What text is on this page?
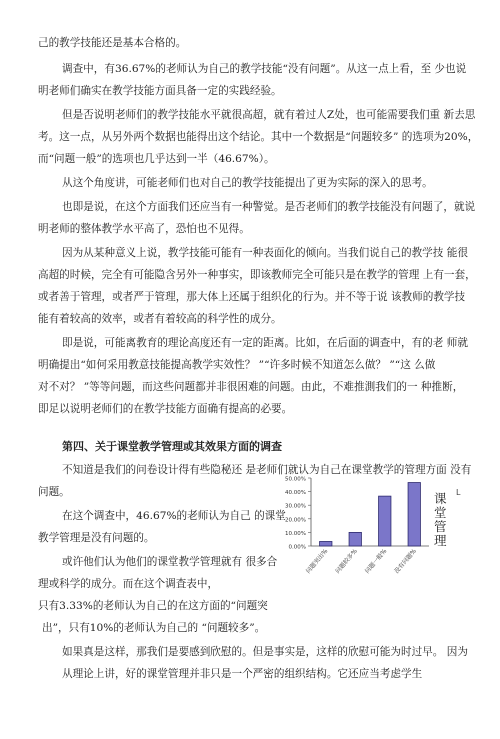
己的教学技能还是基本合格的。
调查中，有36.67%的老师认为自己的教学技能“没有问题”。从这一点上看，至 少也说
明老师们确实在教学技能方面具备一定的实践经验。
但是否说明老师们的教学技能水平就很高超，就有着过人Z处，也可能需要我们重 新去思
考。这一点，从另外两个数据也能得出这个结论。其中一个数据是“问题较多” 的选项为20%，
而“问题一般”的选项也几乎达到一半（46.67%）。
从这个角度讲，可能老师们也对自己的教学技能提出了更为实际的深入的思考。
也即是说，在这个方面我们还应当有一种警觉。是否老师们的教学技能没有问题了，就说
明老师的整体教学水平高了，恐怕也不见得。
因为从某种意义上说，教学技能可能有一种表面化的倾向。当我们说自己的教学技 能很
高超的时候，完全有可能隐含另外一种事实，即该教师完全可能只是在教学的管理 上有一套，
或者善于管理，或者严于管理，那大体上还属于组织化的行为。并不等于说 该教师的教学技
能有着较高的效率，或者有着较高的科学性的成分。
即是说，可能离教育的理论高度还有一定的距离。比如，在后面的调查中，有的老 师就
明确提出“如何采用教意技能提高教学实效性？ ”“许多时候不知道怎么做？ ”“这 么做
对不对？ ”等等问题，而这些问题都并非很困难的问题。由此，不难推測我们的一 种推断，
即足以说明老师们的在教学技能方面确有提高的必要。
第四、关于课堂教学管理或其效果方面的调查
不知道是我们的问卷设计得有些隐秘还 是老师们就认为自己在课堂教学的管理方面 没有
问题。
在这个调查中，46.67%的老师认为自己 的课堂
教学管理是没有问题的。
或许他们认为他们的课堂教学管理就有 很多合
理或科学的成分。而在这个调査表中，
只有3.33%的老师认为自己的在这方面的“问题突
出”，只有10%的老师认为自己的 “问题较多”。
如果真是这样，那我们是要感到欣慰的。但是事实是，这样的欣慰可能为时过早。 因为
从理论上讲，好的课堂管理并非只是一个严密的组织结构。它还应当考虑学生
0.00%
10.00%
20.00%
30.00%
40.00%
50.00%
问题突出% 问题较多% 问题一般% 没有问题%
课堂管理
L
